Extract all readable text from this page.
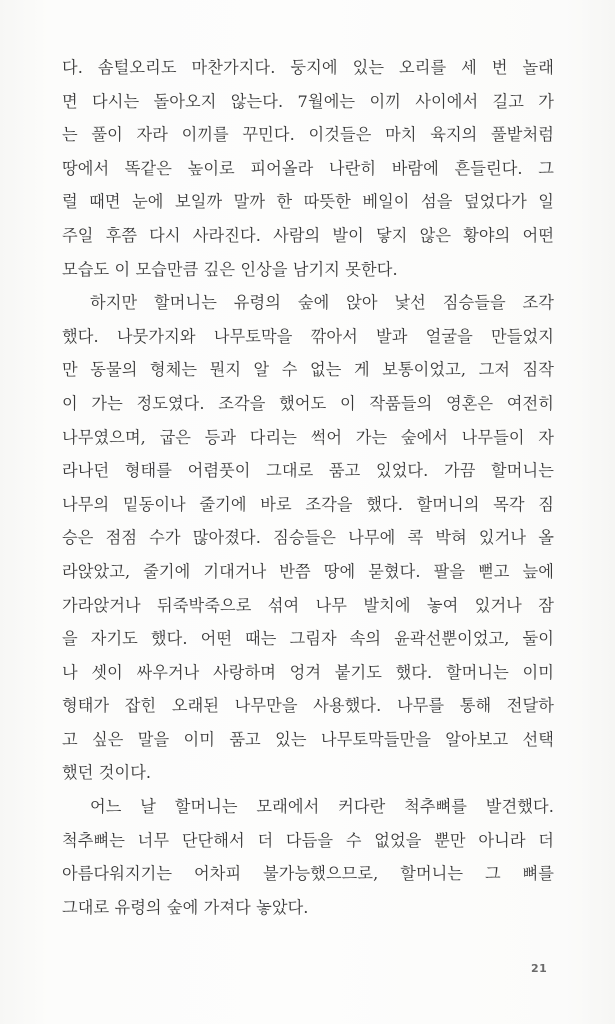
다. 솜털오리도 마찬가지다. 둥지에 있는 오리를 세 번 놀래
면 다시는 돌아오지 않는다. 7월에는 이끼 사이에서 길고 가
는 풀이 자라 이끼를 꾸민다. 이것들은 마치 육지의 풀밭처럼
땅에서 똑같은 높이로 피어올라 나란히 바람에 흔들린다. 그
럴 때면 눈에 보일까 말까 한 따뜻한 베일이 섬을 덮었다가 일
주일 후쯤 다시 사라진다. 사람의 발이 닿지 않은 황야의 어떤
모습도 이 모습만큼 깊은 인상을 남기지 못한다.
하지만 할머니는 유령의 숲에 앉아 낯선 짐승들을 조각
했다. 나뭇가지와 나무토막을 깎아서 발과 얼굴을 만들었지
만 동물의 형체는 뭔지 알 수 없는 게 보통이었고, 그저 짐작
이 가는 정도였다. 조각을 했어도 이 작품들의 영혼은 여전히
나무였으며, 굽은 등과 다리는 썩어 가는 숲에서 나무들이 자
라나던 형태를 어렴풋이 그대로 품고 있었다. 가끔 할머니는
나무의 밑동이나 줄기에 바로 조각을 했다. 할머니의 목각 짐
승은 점점 수가 많아졌다. 짐승들은 나무에 콕 박혀 있거나 올
라앉았고, 줄기에 기대거나 반쯤 땅에 묻혔다. 팔을 뻗고 늪에
가라앉거나 뒤죽박죽으로 섞여 나무 발치에 놓여 있거나 잠
을 자기도 했다. 어떤 때는 그림자 속의 윤곽선뿐이었고, 둘이
나 셋이 싸우거나 사랑하며 엉겨 붙기도 했다. 할머니는 이미
형태가 잡힌 오래된 나무만을 사용했다. 나무를 통해 전달하
고 싶은 말을 이미 품고 있는 나무토막들만을 알아보고 선택
했던 것이다.
어느 날 할머니는 모래에서 커다란 척추뼈를 발견했다.
척추뼈는 너무 단단해서 더 다듬을 수 없었을 뿐만 아니라 더
아름다워지기는 어차피 불가능했으므로, 할머니는 그 뼈를
그대로 유령의 숲에 가져다 놓았다.
21
